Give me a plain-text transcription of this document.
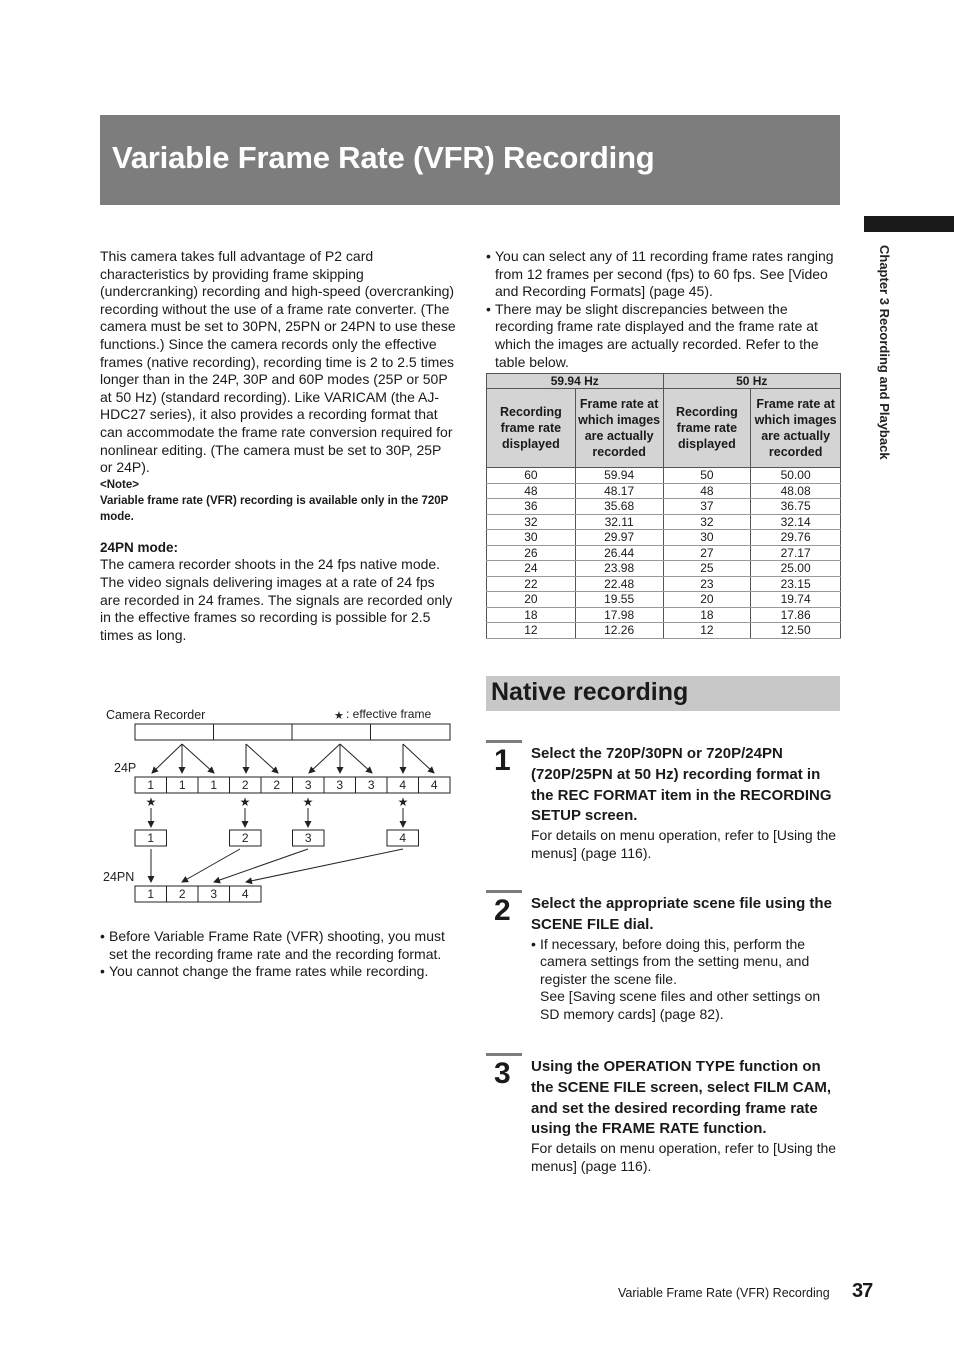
Variable Frame Rate (VFR) Recording
Chapter 3 Recording and Playback

This camera takes full advantage of P2 card characteristics by providing frame skipping (undercranking) recording and high-speed (overcranking) recording without the use of a frame rate converter. (The camera must be set to 30PN, 25PN or 24PN to use these functions.) Since the camera records only the effective frames (native recording), recording time is 2 to 2.5 times longer than in the 24P, 30P and 60P modes (25P or 50P at 50 Hz) (standard recording). Like VARICAM (the AJ-HDC27 series), it also provides a recording format that can accommodate the frame rate conversion required for nonlinear editing. (The camera must be set to 30P, 25P or 24P).

<Note>

Variable frame rate (VFR) recording is available only in the 720P mode.

24PN mode:

The camera recorder shoots in the 24 fps native mode. The video signals delivering images at a rate of 24 fps are recorded in 24 frames. The signals are recorded only in the effective frames so recording is possible for 2.5 times as long.

Camera Recorder	★ : effective frame
24P
1 1 1 2 2 3 3 3 4 4
★	★	★	★
1	2	3	4
24PN
1 2 3 4
• Before Variable Frame Rate (VFR) shooting, you must set the recording frame rate and the recording format.
• You cannot change the frame rates while recording.
• You can select any of 11 recording frame rates ranging from 12 frames per second (fps) to 60 fps. See [Video and Recording Formats] (page 45).
• There may be slight discrepancies between the recording frame rate displayed and the frame rate at which the images are actually recorded. Refer to the table below.
59.94 Hz		50 Hz	
Recording frame rate displayed	Frame rate at which images are actually recorded	Recording frame rate displayed	Frame rate at which images are actually recorded
60	59.94	50	50.00
48	48.17	48	48.08
36	35.68	37	36.75
32	32.11	32	32.14
30	29.97	30	29.76
26	26.44	27	27.17
24	23.98	25	25.00
22	22.48	23	23.15
20	19.55	20	19.74
18	17.98	18	17.86
12	12.26	12	12.50
Native recording
1 Select the 720P/30PN or 720P/24PN (720P/25PN at 50 Hz) recording format in the REC FORMAT item in the RECORDING SETUP screen.
For details on menu operation, refer to [Using the menus] (page 116).
2 Select the appropriate scene file using the SCENE FILE dial.
• If necessary, before doing this, perform the camera settings from the setting menu, and register the scene file.
See [Saving scene files and other settings on SD memory cards] (page 82).
3 Using the OPERATION TYPE function on the SCENE FILE screen, select FILM CAM, and set the desired recording frame rate using the FRAME RATE function.
For details on menu operation, refer to [Using the menus] (page 116).
Variable Frame Rate (VFR) Recording 37
